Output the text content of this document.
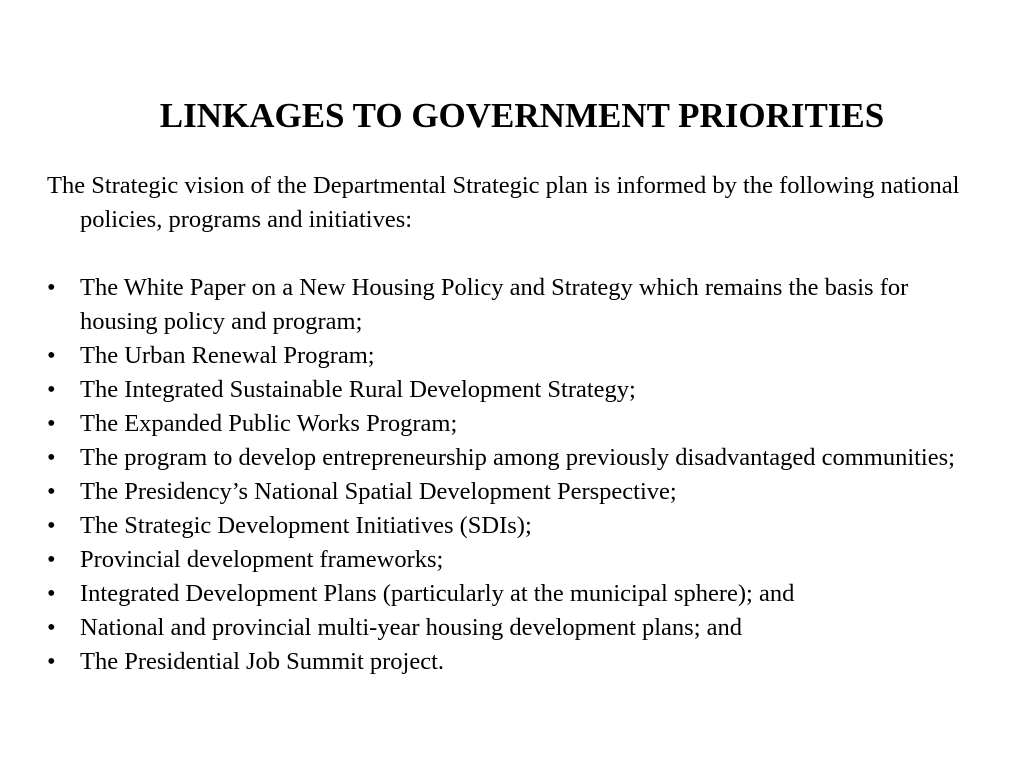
LINKAGES TO GOVERNMENT PRIORITIES

The Strategic vision of the Departmental Strategic plan is informed by the following national policies, programs and initiatives:

• The White Paper on a New Housing Policy and Strategy which remains the basis for housing policy and program;
• The Urban Renewal Program;
• The Integrated Sustainable Rural Development Strategy;
• The Expanded Public Works Program;
• The program to develop entrepreneurship among previously disadvantaged communities;
• The Presidency’s National Spatial Development Perspective;
• The Strategic Development Initiatives (SDIs);
• Provincial development frameworks;
• Integrated Development Plans (particularly at the municipal sphere); and
• National and provincial multi-year housing development plans; and
• The Presidential Job Summit project.
